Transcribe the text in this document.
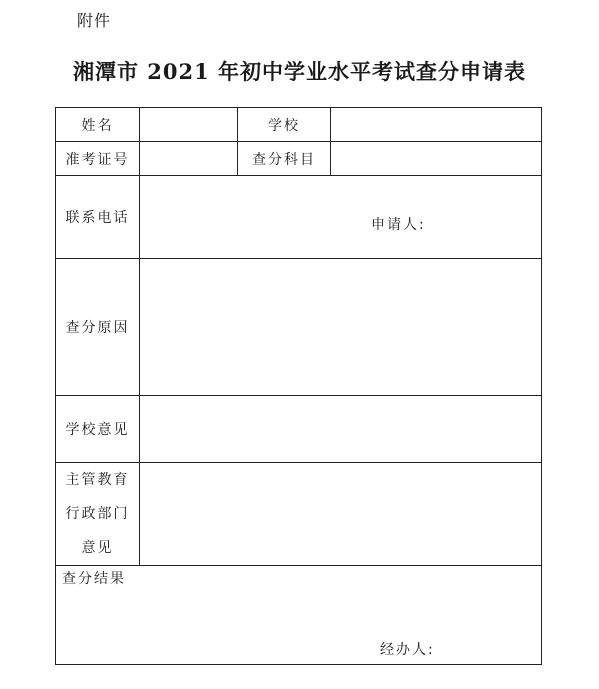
附件
湘潭市 2021 年初中学业水平考试查分申请表
姓名		学校	
准考证号		查分科目	
联系电话	申请人:		

查分原因			
学校意见			

主管教育
行政部门
意见			

查分结果
经办人:			
